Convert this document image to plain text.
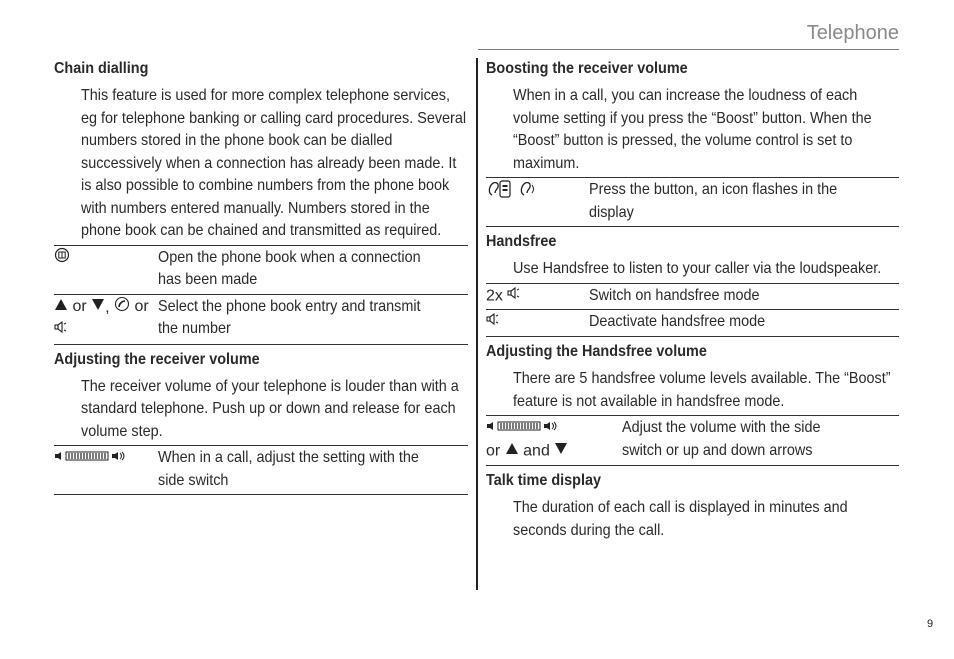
Telephone
Chain dialling

This feature is used for more complex telephone services, eg for telephone banking or calling card procedures. Several numbers stored in the phone book can be dialled successively when a connection has already been made. It is also possible to combine numbers from the phone book with numbers entered manually. Numbers stored in the phone book can be chained and transmitted as required.

Open the phone book when a connection has been made

or , or	Select the phone book entry and transmit the number
Adjusting the receiver volume

The receiver volume of your telephone is louder than with a standard telephone. Push up or down and release for each volume step.

When in a call, adjust the setting with the side switch
Boosting the receiver volume

When in a call, you can increase the loudness of each volume setting if you press the “Boost” button. When the “Boost” button is pressed, the volume control is set to maximum.

Press the button, an icon flashes in the display
Handsfree

Use Handsfree to listen to your caller via the loudspeaker.

2x	Switch on handsfree mode

Deactivate handsfree mode
Adjusting the Handsfree volume

There are 5 handsfree volume levels available. The “Boost” feature is not available in handsfree mode.

or and	
Adjust the volume with the side switch or up and down arrows
Talk time display

The duration of each call is displayed in minutes and seconds during the call.

9
